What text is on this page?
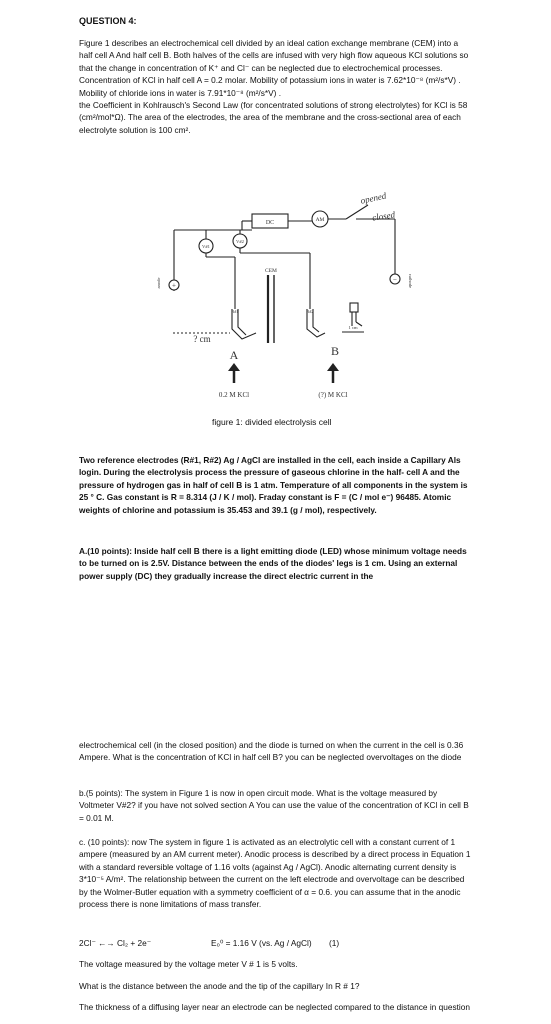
QUESTION 4:

Figure 1 describes an electrochemical cell divided by an ideal cation exchange membrane (CEM) into a half cell A And half cell B. Both halves of the cells are infused with very high flow aqueous KCl solutions so that the change in concentration of K⁺ and Cl⁻ can be neglected due to electrochemical processes.

Concentration of KCl in half cell A = 0.2 molar. Mobility of potassium ions in water is 7.62*10⁻⁸ (m²/s*V) . Mobility of chloride ions in water is 7.91*10⁻⁸ (m²/s*V) .

the Coefficient in Kohlrausch's Second Law (for concentrated solutions of strong electrolytes) for KCl is 58 (cm²/mol*Ω). The area of the electrodes, the area of the membrane and the cross-sectional area of each electrolyte solution is 100 cm².

DC	AM
V#1
V#2
CEM
R#1	R#2
+
−
anode	cathode
? cm
1 cm
A	B
0.2 M KCl	(?) M KCl
opened
closed
figure 1: divided electrolysis cell
Two reference electrodes (R#1, R#2) Ag / AgCl are installed in the cell, each inside a Capillary Als login. During the electrolysis process the pressure of gaseous chlorine in the half- cell A and the pressure of hydrogen gas in half of cell B is 1 atm. Temperature of all components in the system is 25 ° C. Gas constant is R = 8.314 (J / K / mol). Fraday constant is F = (C / mol e⁻) 96485. Atomic weights of chlorine and potassium is 35.453 and 39.1 (g / mol), respectively.
A.(10 points): Inside half cell B there is a light emitting diode (LED) whose minimum voltage needs to be turned on is 2.5V. Distance between the ends of the diodes' legs is 1 cm. Using an external power supply (DC) they gradually increase the direct electric current in the
electrochemical cell (in the closed position) and the diode is turned on when the current in the cell is 0.36 Ampere. What is the concentration of KCl in half cell B? you can be neglected overvoltages on the diode
b.(5 points): The system in Figure 1 is now in open circuit mode. What is the voltage measured by Voltmeter V#2? if you have not solved section A You can use the value of the concentration of KCl in cell B = 0.01 M.
c. (10 points): now The system in figure 1 is activated as an electrolytic cell with a constant current of 1 ampere (measured by an AM current meter). Anodic process is described by a direct process in Equation 1 with a standard reversible voltage of 1.16 volts (against Ag / AgCl). Anodic alternating current density is 3*10⁻⁵ A/m². The relationship between the current on the left electrode and overvoltage can be described by the Wolmer-Butler equation with a symmetry coefficient of α = 0.6. you can assume that in the anodic process there is none limitations of mass transfer.
2Cl⁻ ←→ Cl₂ + 2e⁻	E₀⁰ = 1.16 V (vs. Ag / AgCl) (1)
The voltage measured by the voltage meter V # 1 is 5 volts.
What is the distance between the anode and the tip of the capillary In R # 1?
The thickness of a diffusing layer near an electrode can be neglected compared to the distance in question
